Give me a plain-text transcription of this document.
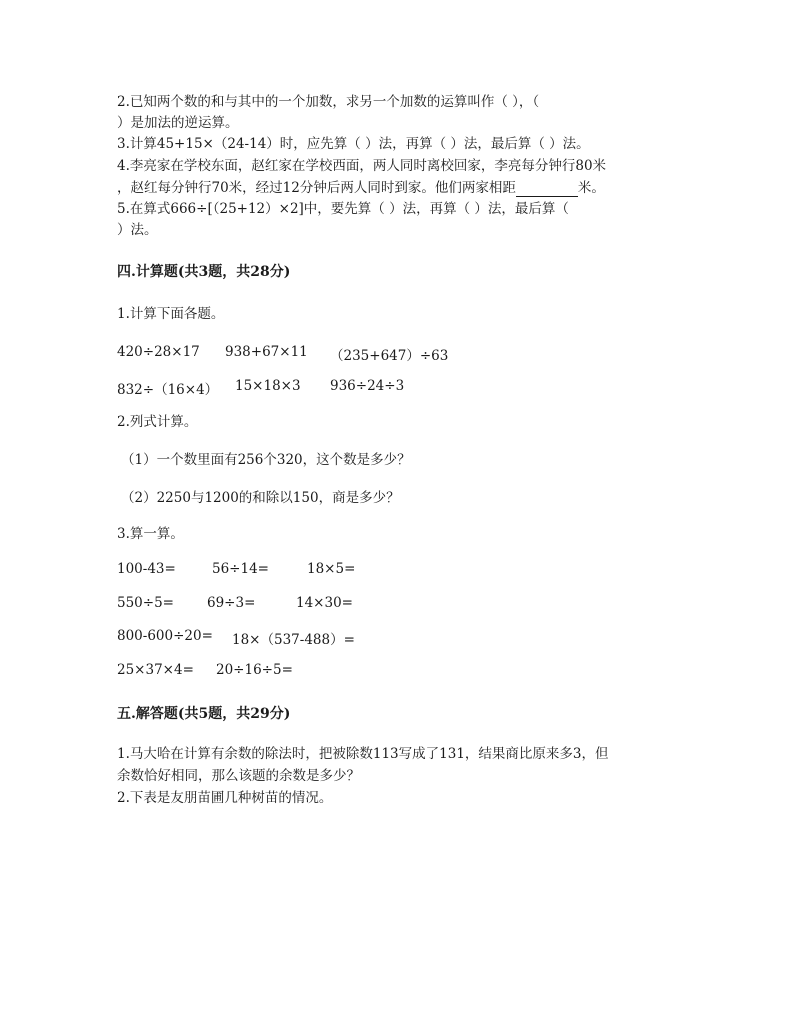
2.已知两个数的和与其中的一个加数，求另一个加数的运算叫作（ ），（
）是加法的逆运算。
3.计算45+15×（24-14）时，应先算（ ）法，再算（ ）法，最后算（ ）法。
4.李亮家在学校东面，赵红家在学校西面，两人同时离校回家，李亮每分钟行80米
，赵红每分钟行70米，经过12分钟后两人同时到家。他们两家相距	米。
5.在算式666÷[（25+12）×2]中，要先算（ ）法，再算（ ）法，最后算（
）法。
四.计算题(共3题，共28分)
1.计算下面各题。
420÷28×17 938+67×11 （235+647）÷63
832÷（16×4） 15×18×3 936÷24÷3
2.列式计算。
（1）一个数里面有256个320，这个数是多少？
（2）2250与1200的和除以150，商是多少？
3.算一算。
100-43=	56÷14=	18×5=
550÷5= 69÷3=	14×30=
800-600÷20= 18×（537-488）=
25×37×4= 20÷16÷5=
五.解答题(共5题，共29分)
1.马大哈在计算有余数的除法时，把被除数113写成了131，结果商比原来多3，但
余数恰好相同，那么该题的余数是多少？
2.下表是友朋苗圃几种树苗的情况。
